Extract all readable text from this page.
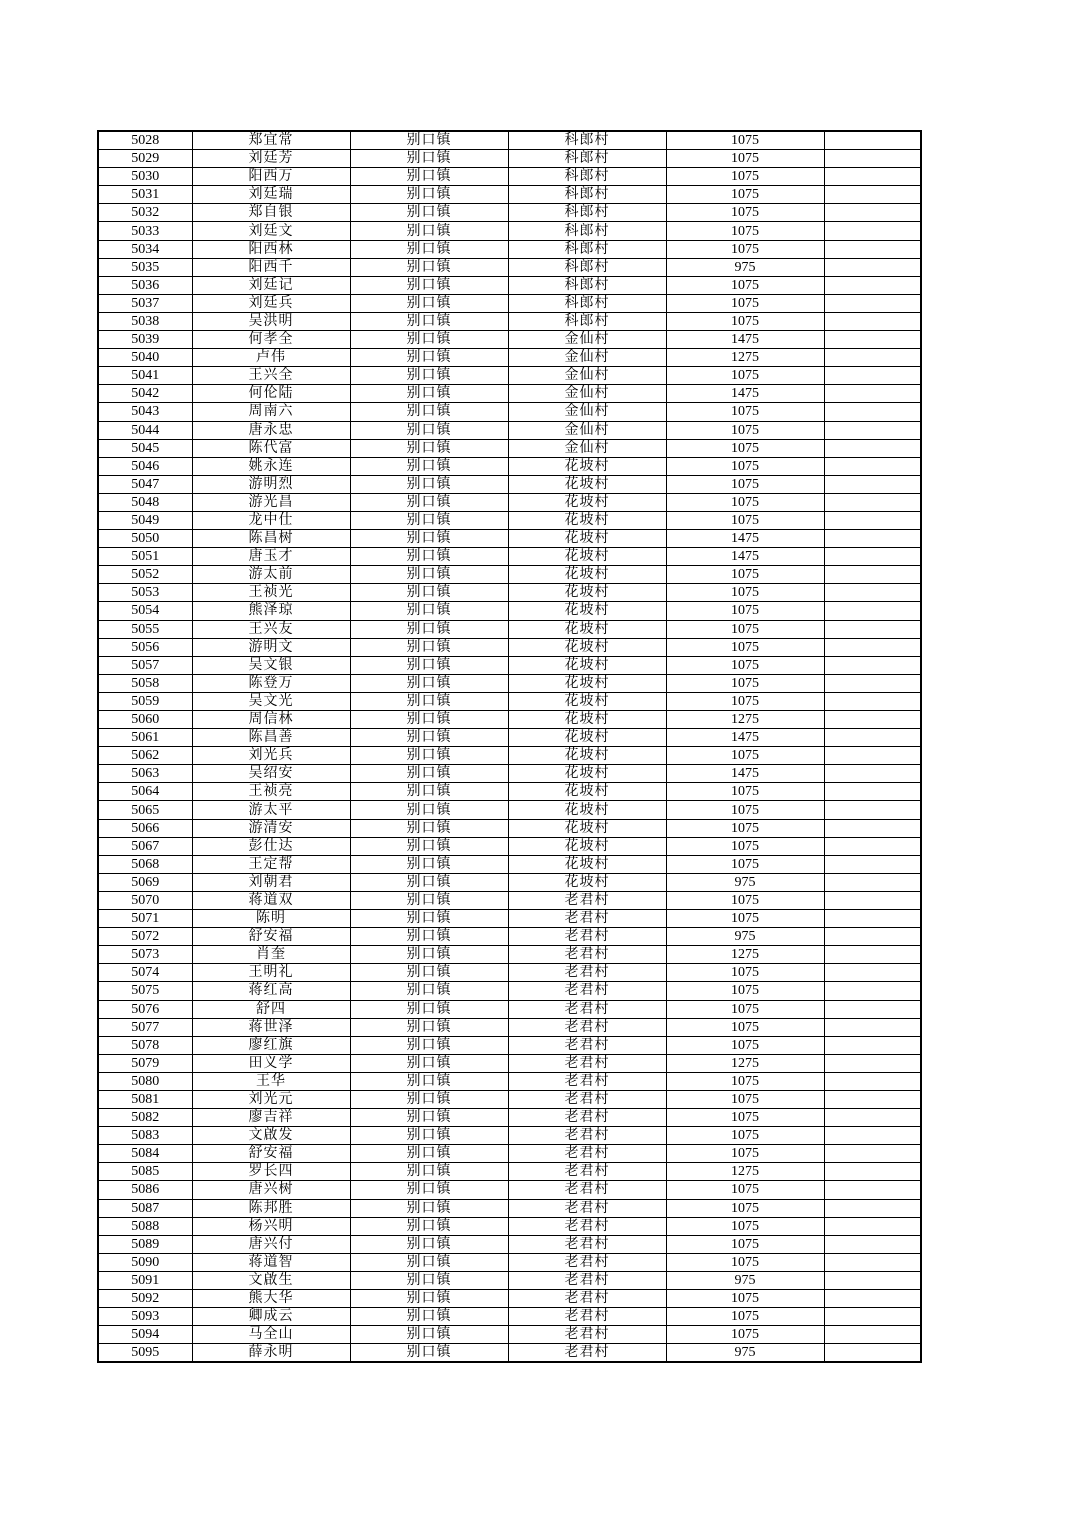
5028	郑宜常	别口镇	科郎村	1075	
5029	刘廷芳	别口镇	科郎村	1075	
5030	阳西万	别口镇	科郎村	1075	
5031	刘廷瑞	别口镇	科郎村	1075	
5032	郑自银	别口镇	科郎村	1075	
5033	刘廷文	别口镇	科郎村	1075	
5034	阳西林	别口镇	科郎村	1075	
5035	阳西千	别口镇	科郎村	975	
5036	刘廷记	别口镇	科郎村	1075	
5037	刘廷兵	别口镇	科郎村	1075	
5038	吴洪明	别口镇	科郎村	1075	
5039	何孝全	别口镇	金仙村	1475	
5040	卢伟	别口镇	金仙村	1275	
5041	王兴全	别口镇	金仙村	1075	
5042	何伦陆	别口镇	金仙村	1475	
5043	周南六	别口镇	金仙村	1075	
5044	唐永忠	别口镇	金仙村	1075	
5045	陈代富	别口镇	金仙村	1075	
5046	姚永连	别口镇	花坡村	1075	
5047	游明烈	别口镇	花坡村	1075	
5048	游光昌	别口镇	花坡村	1075	
5049	龙中仕	别口镇	花坡村	1075	
5050	陈昌树	别口镇	花坡村	1475	
5051	唐玉才	别口镇	花坡村	1475	
5052	游太前	别口镇	花坡村	1075	
5053	王祯光	别口镇	花坡村	1075	
5054	熊泽琼	别口镇	花坡村	1075	
5055	王兴友	别口镇	花坡村	1075	
5056	游明文	别口镇	花坡村	1075	
5057	吴文银	别口镇	花坡村	1075	
5058	陈登万	别口镇	花坡村	1075	
5059	吴文光	别口镇	花坡村	1075	
5060	周信林	别口镇	花坡村	1275	
5061	陈昌善	别口镇	花坡村	1475	
5062	刘光兵	别口镇	花坡村	1075	
5063	吴绍安	别口镇	花坡村	1475	
5064	王祯亮	别口镇	花坡村	1075	
5065	游太平	别口镇	花坡村	1075	
5066	游清安	别口镇	花坡村	1075	
5067	彭仕达	别口镇	花坡村	1075	
5068	王定帮	别口镇	花坡村	1075	
5069	刘朝君	别口镇	花坡村	975	
5070	蒋道双	别口镇	老君村	1075	
5071	陈明	别口镇	老君村	1075	
5072	舒安福	别口镇	老君村	975	
5073	肖奎	别口镇	老君村	1275	
5074	王明礼	别口镇	老君村	1075	
5075	蒋红高	别口镇	老君村	1075	
5076	舒四	别口镇	老君村	1075	
5077	蒋世泽	别口镇	老君村	1075	
5078	廖红旗	别口镇	老君村	1075	
5079	田义学	别口镇	老君村	1275	
5080	王华	别口镇	老君村	1075	
5081	刘光元	别口镇	老君村	1075	
5082	廖吉祥	别口镇	老君村	1075	
5083	文啟发	别口镇	老君村	1075	
5084	舒安福	别口镇	老君村	1075	
5085	罗长四	别口镇	老君村	1275	
5086	唐兴树	别口镇	老君村	1075	
5087	陈邦胜	别口镇	老君村	1075	
5088	杨兴明	别口镇	老君村	1075	
5089	唐兴付	别口镇	老君村	1075	
5090	蒋道智	别口镇	老君村	1075	
5091	文啟生	别口镇	老君村	975	
5092	熊大华	别口镇	老君村	1075	
5093	卿成云	别口镇	老君村	1075	
5094	马全山	别口镇	老君村	1075	
5095	薛永明	别口镇	老君村	975	
